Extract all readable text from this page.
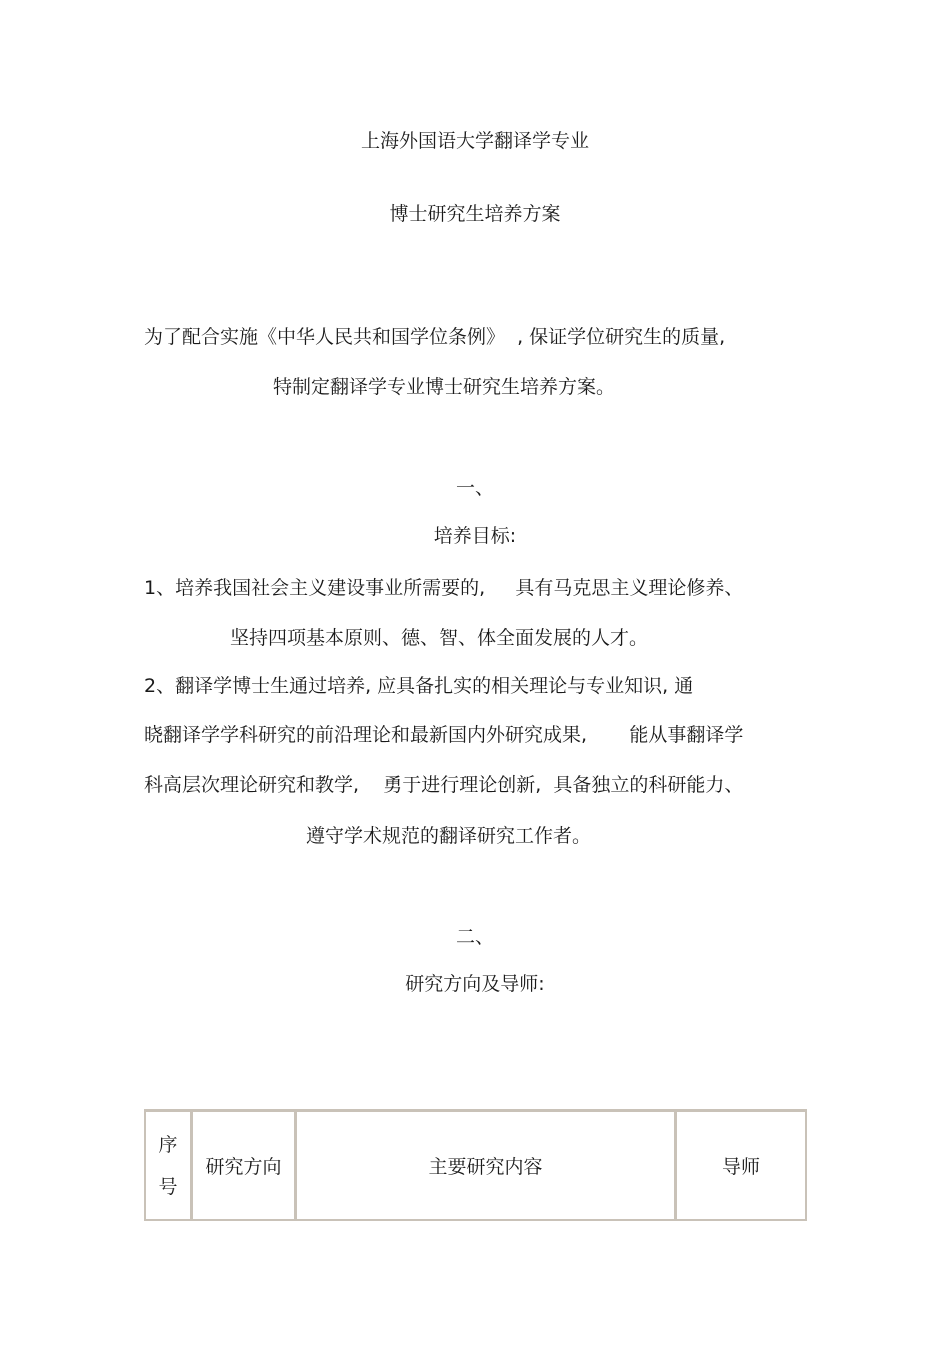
上海外国语大学翻译学专业

博士研究生培养方案

为了配合实施《中华人民共和国学位条例》  , 保证学位研究生的质量,

特制定翻译学专业博士研究生培养方案。

一、

培养目标:

1、培养我国社会主义建设事业所需要的,     具有马克思主义理论修养、

坚持四项基本原则、德、智、体全面发展的人才。

2、翻译学博士生通过培养, 应具备扎实的相关理论与专业知识, 通

晓翻译学学科研究的前沿理论和最新国内外研究成果,       能从事翻译学

科高层次理论研究和教学,    勇于进行理论创新,  具备独立的科研能力、

遵守学术规范的翻译研究工作者。

二、

研究方向及导师:

序
号
	研究方向	主要研究内容	导师
